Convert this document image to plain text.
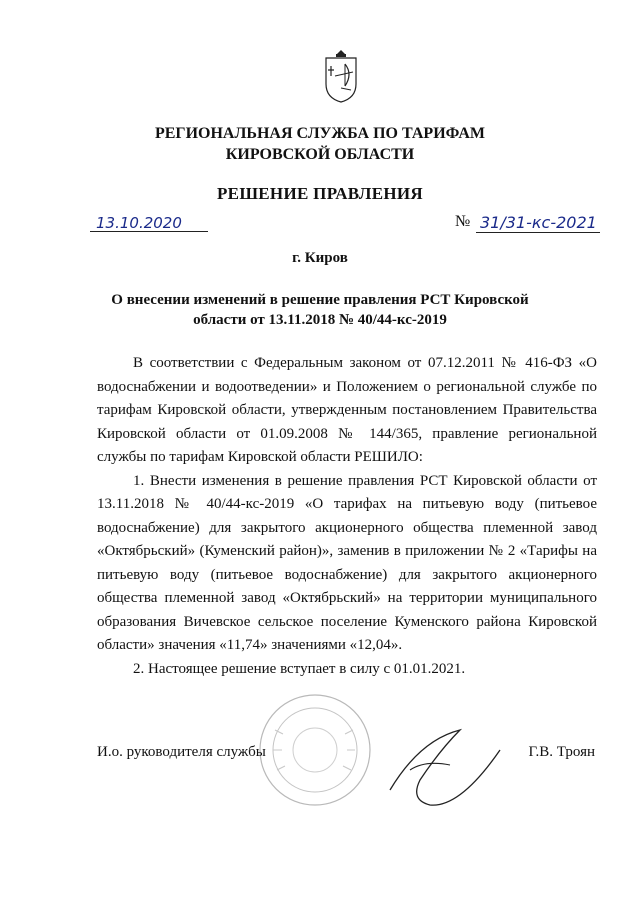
РЕГИОНАЛЬНАЯ СЛУЖБА ПО ТАРИФАМ
КИРОВСКОЙ ОБЛАСТИ
РЕШЕНИЕ ПРАВЛЕНИЯ
13.10.2020	№ 31/31-кс-2021
г. Киров
О внесении изменений в решение правления РСТ Кировской
области от 13.11.2018 № 40/44-кс-2019

В соответствии с Федеральным законом от 07.12.2011 № 416-ФЗ «О водоснабжении и водоотведении» и Положением о региональной службе по тарифам Кировской области, утвержденным постановлением Правительства Кировской области от 01.09.2008 № 144/365, правление региональной службы по тарифам Кировской области РЕШИЛО:

1. Внести изменения в решение правления РСТ Кировской области от 13.11.2018 № 40/44-кс-2019 «О тарифах на питьевую воду (питьевое водоснабжение) для закрытого акционерного общества племенной завод «Октябрьский» (Куменский район)», заменив в приложении № 2 «Тарифы на питьевую воду (питьевое водоснабжение) для закрытого акционерного общества племенной завод «Октябрьский» на территории муниципального образования Вичевское сельское поселение Куменского района Кировской области» значения «11,74» значениями «12,04».

2. Настоящее решение вступает в силу с 01.01.2021.

И.о. руководителя службы	Г.В. Троян
